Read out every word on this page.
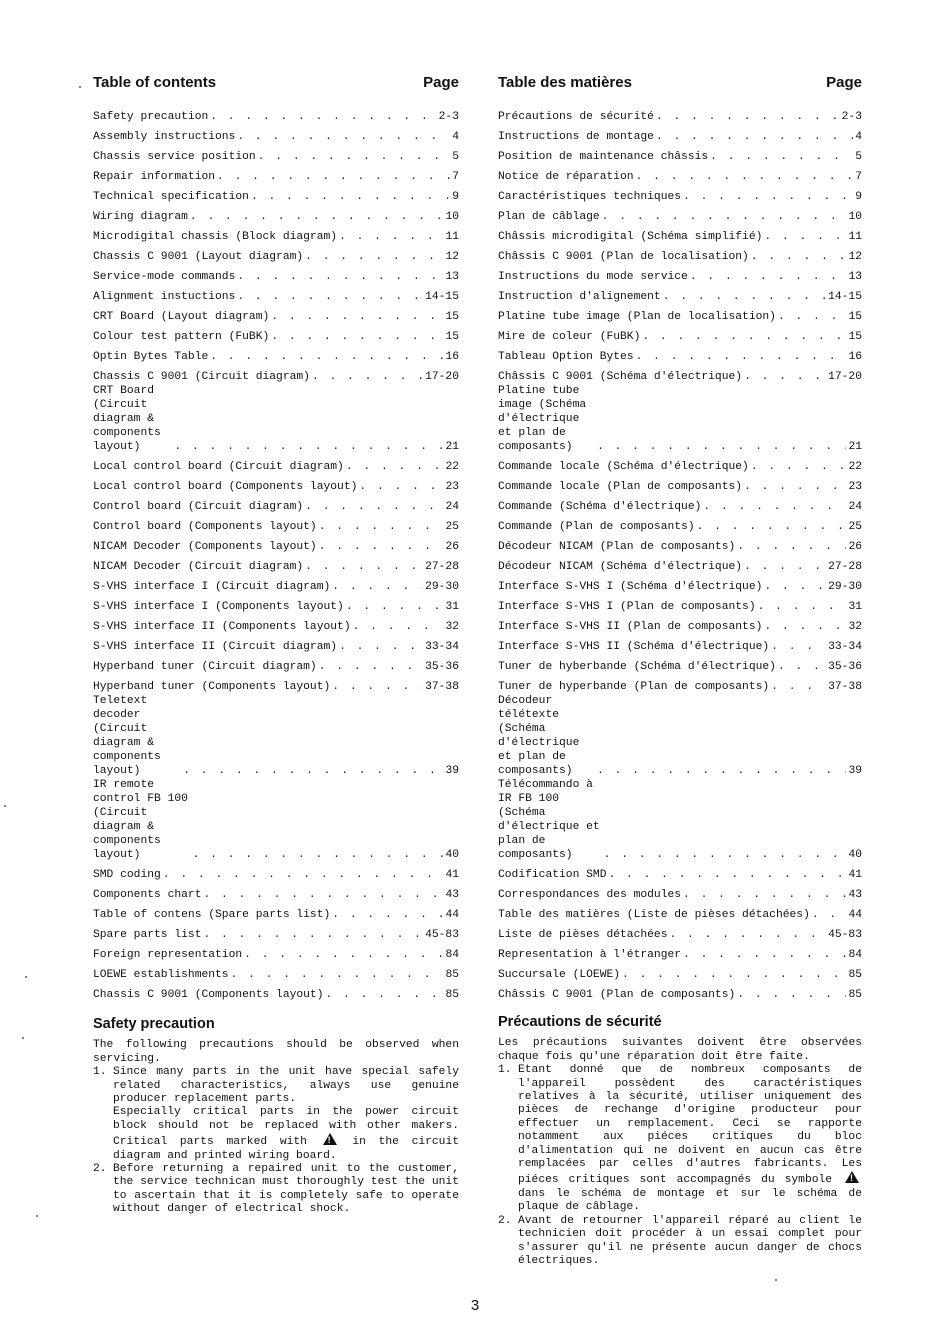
Table of contents	Page
Safety precaution . . .	2-3
Assembly instructions . . .	4
Chassis service position . . .	5
Repair information . . .	7
Technical specification . . .	9
Wiring diagram . . .	10
Microdigital chassis (Block diagram) . . .	11
Chassis C 9001 (Layout diagram) . . .	12
Service-mode commands . . .	13
Alignment instuctions . . .	14-15
CRT Board (Layout diagram) . . .	15
Colour test pattern (FuBK) . . .	15
Optin Bytes Table . . .	16
Chassis C 9001 (Circuit diagram) . . .	17-20
CRT Board (Circuit diagram & components layout) . . .	21
Local control board (Circuit diagram) . . .	22
Local control board (Components layout) . . .	23
Control board (Circuit diagram) . . .	24
Control board (Components layout) . . .	25
NICAM Decoder (Components layout) . . .	26
NICAM Decoder (Circuit diagram) . . .	27-28
S-VHS interface I (Circuit diagram) . . .	29-30
S-VHS interface I (Components layout) . . .	31
S-VHS interface II (Components layout) . . .	32
S-VHS interface II (Circuit diagram) . . .	33-34
Hyperband tuner (Circuit diagram) . . .	35-36
Hyperband tuner (Components layout) . . .	37-38
Teletext decoder (Circuit diagram & components layout) . . .	39
IR remote control FB 100 (Circuit diagram & components layout) . . .	40
SMD coding . . .	41
Components chart . . .	43
Table of contens (Spare parts list) . . .	44
Spare parts list . . .	45-83
Foreign representation . . .	84
LOEWE establishments . . .	85
Chassis C 9001 (Components layout) . . .	85
Table des matières	Page
Précautions de sécurité . . .	2-3
Instructions de montage . . .	4
Position de maintenance châssis . . .	5
Notice de réparation . . .	7
Caractéristiques techniques . . .	9
Plan de câblage . . .	10
Châssis microdigital (Schéma simplifié) . . .	11
Châssis C 9001 (Plan de localisation) . . .	12
Instructions du mode service . . .	13
Instruction d'alignement . . .	14-15
Platine tube image (Plan de localisation) . . .	15
Mire de coleur (FuBK) . . .	15
Tableau Option Bytes . . .	16
Châssis C 9001 (Schéma d'électrique) . . .	17-20
Platine tube image (Schéma d'électrique et plan de composants) . . .	21
Commande locale (Schéma d'électrique) . . .	22
Commande locale (Plan de composants) . . .	23
Commande (Schéma d'électrique) . . .	24
Commande (Plan de composants) . . .	25
Décodeur NICAM (Plan de composants) . . .	26
Décodeur NICAM (Schéma d'électrique) . . .	27-28
Interface S-VHS I (Schéma d'électrique) . . .	29-30
Interface S-VHS I (Plan de composants) . . .	31
Interface S-VHS II (Plan de composants) . . .	32
Interface S-VHS II (Schéma d'électrique) . . .	33-34
Tuner de hyberbande (Schéma d'électrique) . . .	35-36
Tuner de hyperbande (Plan de composants) . . .	37-38
Décodeur télétexte (Schéma d'électrique et plan de composants) . . .	39
Télécommando à IR FB 100 (Schéma d'électrique et plan de composants) . . .	40
Codification SMD . . .	41
Correspondances des modules . . .	43
Table des matières (Liste de pièses détachées) . . .	44
Liste de pièses détachées . . .	45-83
Representation à l'étranger . . .	84
Succursale (LOEWE) . . .	85
Châssis C 9001 (Plan de composants) . . .	85
Safety precaution

The following precautions should be observed when servicing.

1. Since many parts in the unit have special safely related characteristics, always use genuine producer replacement parts.
Especially critical parts in the power circuit block should not be replaced with other makers. Critical parts marked with !	in the circuit diagram and printed wiring board.
2. Before returning a repaired unit to the customer, the service technican must thoroughly test the unit to ascertain that it is completely safe to operate without danger of electrical shock.
Précautions de sécurité

Les précautions suivantes doivent être observées chaque fois qu'une réparation doit être faite.

1. Etant donné que de nombreux composants de l'appareil possèdent des caractéristiques relatives à la sécurité, utiliser uniquement des pièces de rechange d'origine producteur pour effectuer un remplacement. Ceci se rapporte notamment aux piéces critiques du bloc d'alimentation qui ne doivent en aucun cas être remplacées par celles d'autres fabricants. Les piéces critiques sont accompagnés du symbole ! dans le schéma de montage et sur le schéma de plaque de câblage.
2. Avant de retourner l'appareil réparé au client le technicien doit procéder à un essai complet pour s'assurer qu'il ne présente aucun danger de chocs électriques.
3
